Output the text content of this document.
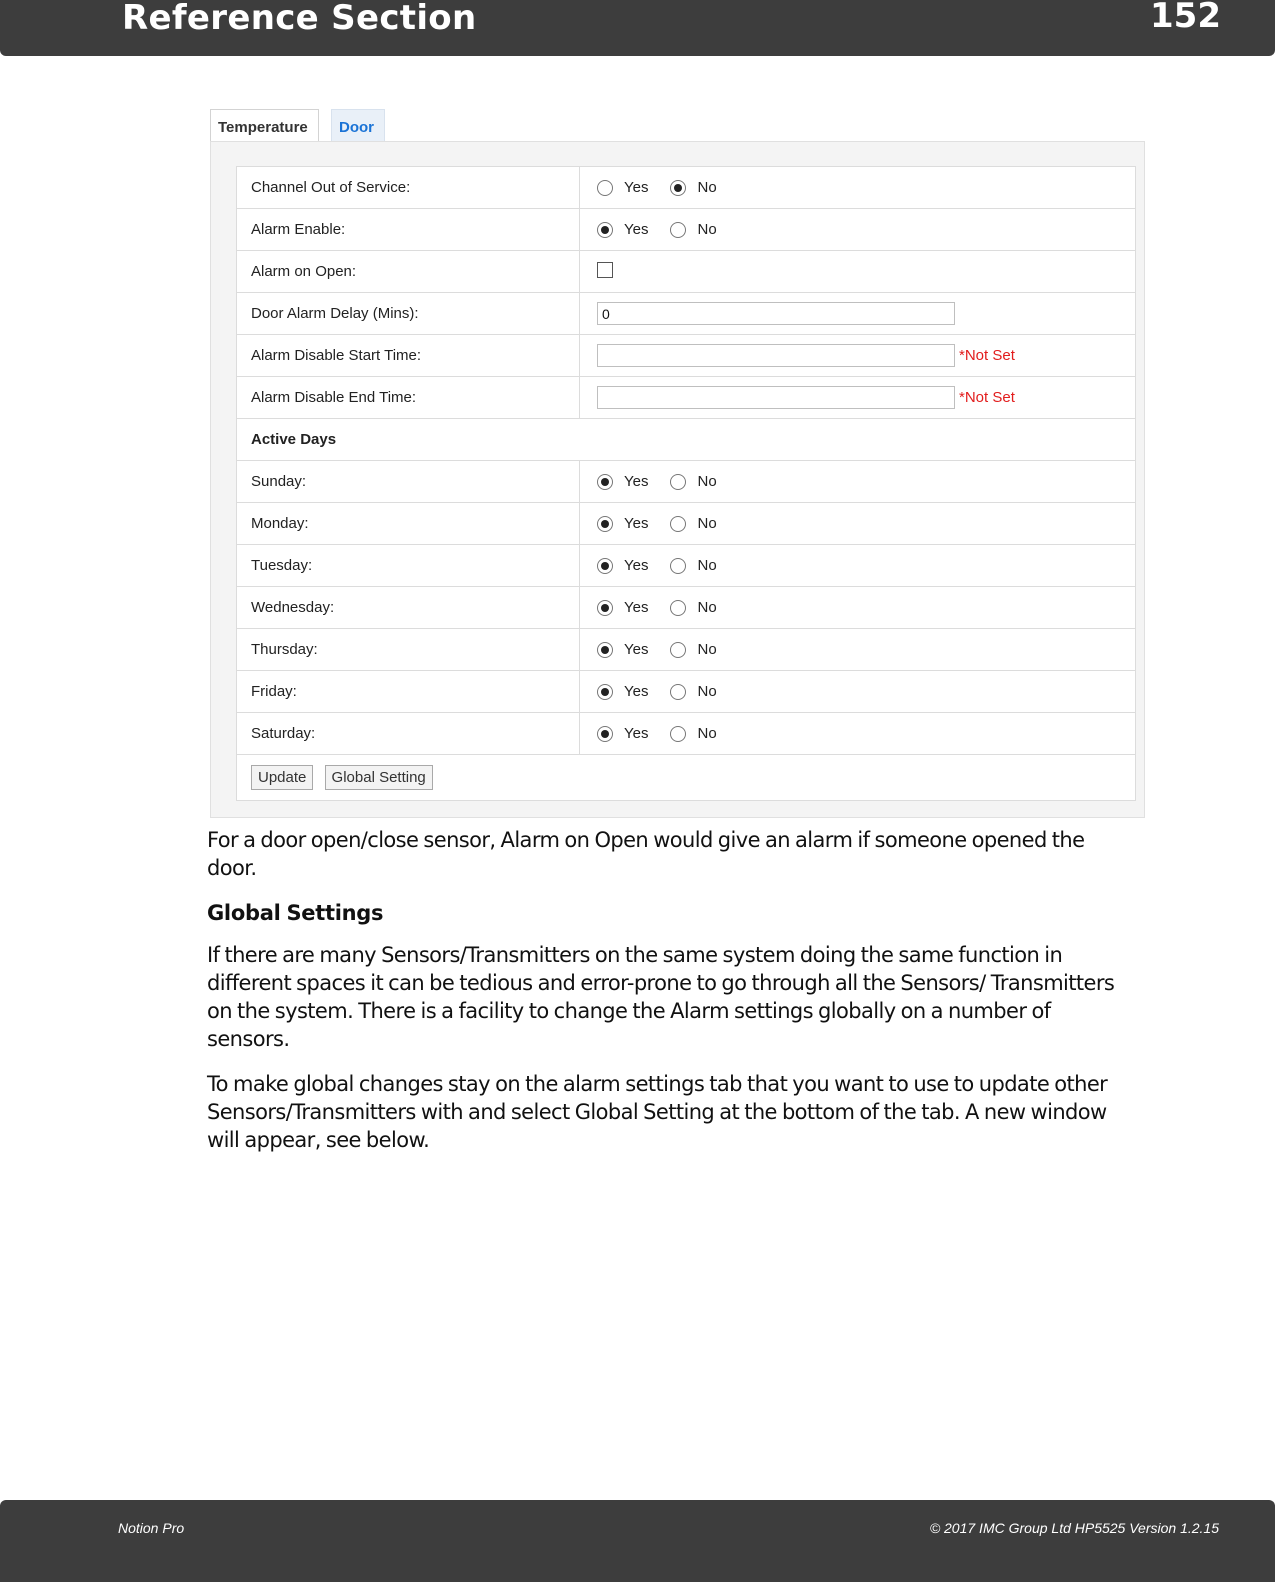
Reference Section	152
Temperature	Door
Channel Out of Service:	Yes No

Alarm Enable:	Yes No

Alarm on Open:	
Door Alarm Delay (Mins):	0
Alarm Disable Start Time:	*Not Set

Alarm Disable End Time:	*Not Set

Active Days	
Sunday:	Yes No

Monday:	Yes No

Tuesday:	Yes No

Wednesday:	Yes No

Thursday:	Yes No

Friday:	Yes No

Saturday:	Yes No

Update Global Setting	

For a door open/close sensor, Alarm on Open would give an alarm if someone opened the door.

Global Settings

If there are many Sensors/Transmitters on the same system doing the same function in different spaces it can be tedious and error-prone to go through all the Sensors/ Transmitters on the system. There is a facility to change the Alarm settings globally on a number of sensors.

To make global changes stay on the alarm settings tab that you want to use to update other Sensors/Transmitters with and select Global Setting at the bottom of the tab. A new window will appear, see below.

Notion Pro	© 2017 IMC Group Ltd HP5525 Version 1.2.15
